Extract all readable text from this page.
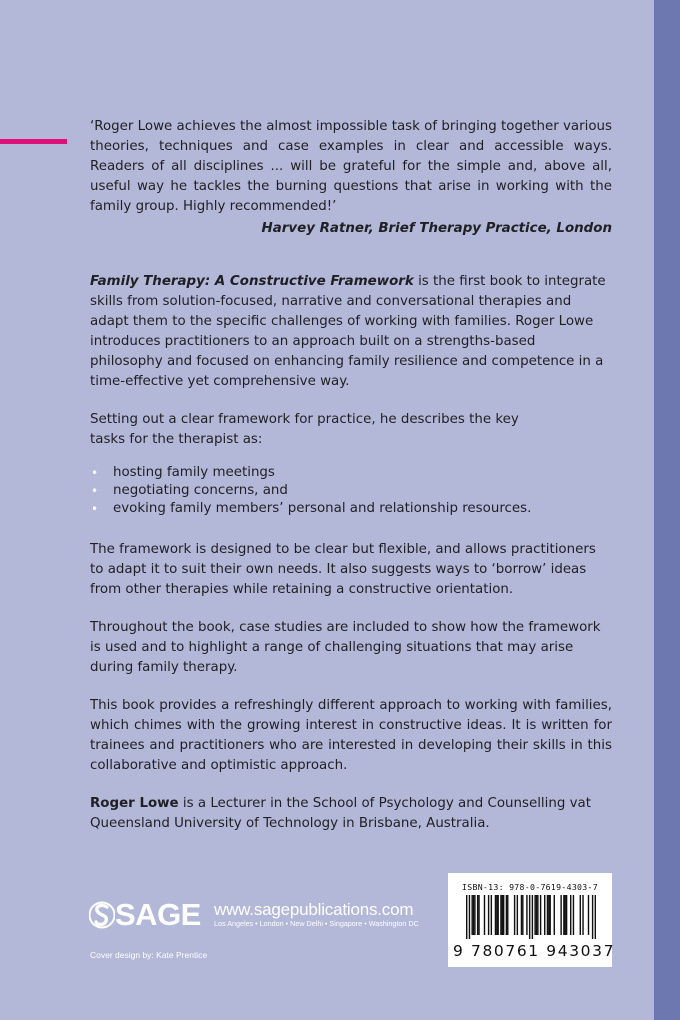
‘Roger Lowe achieves the almost impossible task of bringing together various theories, techniques and case examples in clear and accessible ways. Readers of all disciplines ... will be grateful for the simple and, above all, useful way he tackles the burning questions that arise in working with the family group. Highly recommended!’

Harvey Ratner, Brief Therapy Practice, London

Family Therapy: A Constructive Framework is the first book to integrate skills from solution-focused, narrative and conversational therapies and adapt them to the specific challenges of working with families. Roger Lowe introduces practitioners to an approach built on a strengths-based philosophy and focused on enhancing family resilience and competence in a time-effective yet comprehensive way.

Setting out a clear framework for practice, he describes the key tasks for the therapist as:

• hosting family meetings
• negotiating concerns, and
• evoking family members’ personal and relationship resources.

The framework is designed to be clear but flexible, and allows practitioners to adapt it to suit their own needs. It also suggests ways to ‘borrow’ ideas from other therapies while retaining a constructive orientation.

Throughout the book, case studies are included to show how the framework is used and to highlight a range of challenging situations that may arise during family therapy.

This book provides a refreshingly different approach to working with families, which chimes with the growing interest in constructive ideas. It is written for trainees and practitioners who are interested in developing their skills in this collaborative and optimistic approach.

Roger Lowe is a Lecturer in the School of Psychology and Counselling vat Queensland University of Technology in Brisbane, Australia.

SAGE www.sagepublications.com
Los Angeles • London • New Delhi • Singapore • Washington DC
Cover design by: Kate Prentice
ISBN-13: 978-0-7619-4303-7
9 780761 943037
